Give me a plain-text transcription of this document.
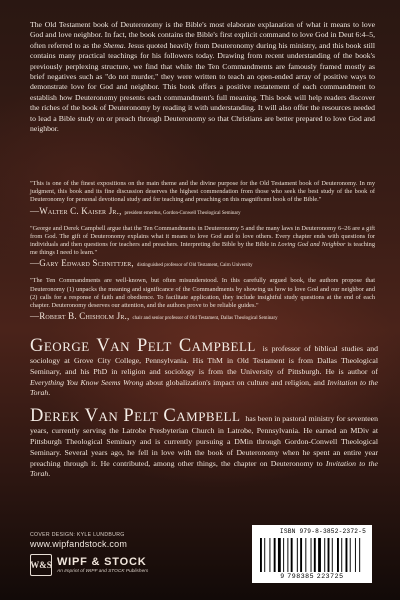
The Old Testament book of Deuteronomy is the Bible's most elaborate explanation of what it means to love God and love neighbor. In fact, the book contains the Bible's first explicit command to love God in Deut 6:4–5, often referred to as the Shema. Jesus quoted heavily from Deuteronomy during his ministry, and this book still contains many practical teachings for his followers today. Drawing from recent understanding of the book's previously perplexing structure, we find that while the Ten Commandments are famously framed mostly as brief negatives such as "do not murder," they were written to teach an open-ended array of positive ways to demonstrate love for God and neighbor. This book offers a positive restatement of each commandment to establish how Deuteronomy presents each commandment's full meaning. This book will help readers discover the riches of the book of Deuteronomy by reading it with understanding. It will also offer the resources needed to lead a Bible study on or preach through Deuteronomy so that Christians are better prepared to love God and neighbor.

"This is one of the finest expositions on the main theme and the divine purpose for the Old Testament book of Deuteronomy. In my judgment, this book and its fine discussion deserves the highest commendation from those who seek the best study of the book of Deuteronomy for personal devotional study and for teaching and preaching on this magnificent book of the Bible."

—Walter C. Kaiser Jr., president emeritus, Gordon-Conwell Theological Seminary

"George and Derek Campbell argue that the Ten Commandments in Deuteronomy 5 and the many laws in Deuteronomy 6–26 are a gift from God. The gift of Deuteronomy explains what it means to love God and to love others. Every chapter ends with questions for individuals and then questions for teachers and preachers. Interpreting the Bible by the Bible in Loving God and Neighbor is teaching me things I need to learn."

—Gary Edward Schnittjer, distinguished professor of Old Testament, Cairn University

"The Ten Commandments are well-known, but often misunderstood. In this carefully argued book, the authors propose that Deuteronomy (1) unpacks the meaning and significance of the Commandments by showing us how to love God and our neighbor and (2) calls for a response of faith and obedience. To facilitate application, they include insightful study questions at the end of each chapter. Deuteronomy deserves our attention, and the authors prove to be reliable guides."

—Robert B. Chisholm Jr., chair and senior professor of Old Testament, Dallas Theological Seminary

George Van Pelt Campbell is professor of biblical studies and sociology at Grove City College, Pennsylvania. His ThM in Old Testament is from Dallas Theological Seminary, and his PhD in religion and sociology is from the University of Pittsburgh. He is author of Everything You Know Seems Wrong about globalization's impact on culture and religion, and Invitation to the Torah.

Derek Van Pelt Campbell has been in pastoral ministry for seventeen years, currently serving the Latrobe Presbyterian Church in Latrobe, Pennsylvania. He earned an MDiv at Pittsburgh Theological Seminary and is currently pursuing a DMin through Gordon-Conwell Theological Seminary. Several years ago, he fell in love with the book of Deuteronomy when he spent an entire year preaching through it. He contributed, among other things, the chapter on Deuteronomy to Invitation to the Torah.

COVER DESIGN: KYLE LUNDBURG

www.wipfandstock.com

W&S WIPF & STOCK
An Imprint of WIPF and STOCK Publishers

ISBN 979-8-3852-2372-5

9 798385 223725
